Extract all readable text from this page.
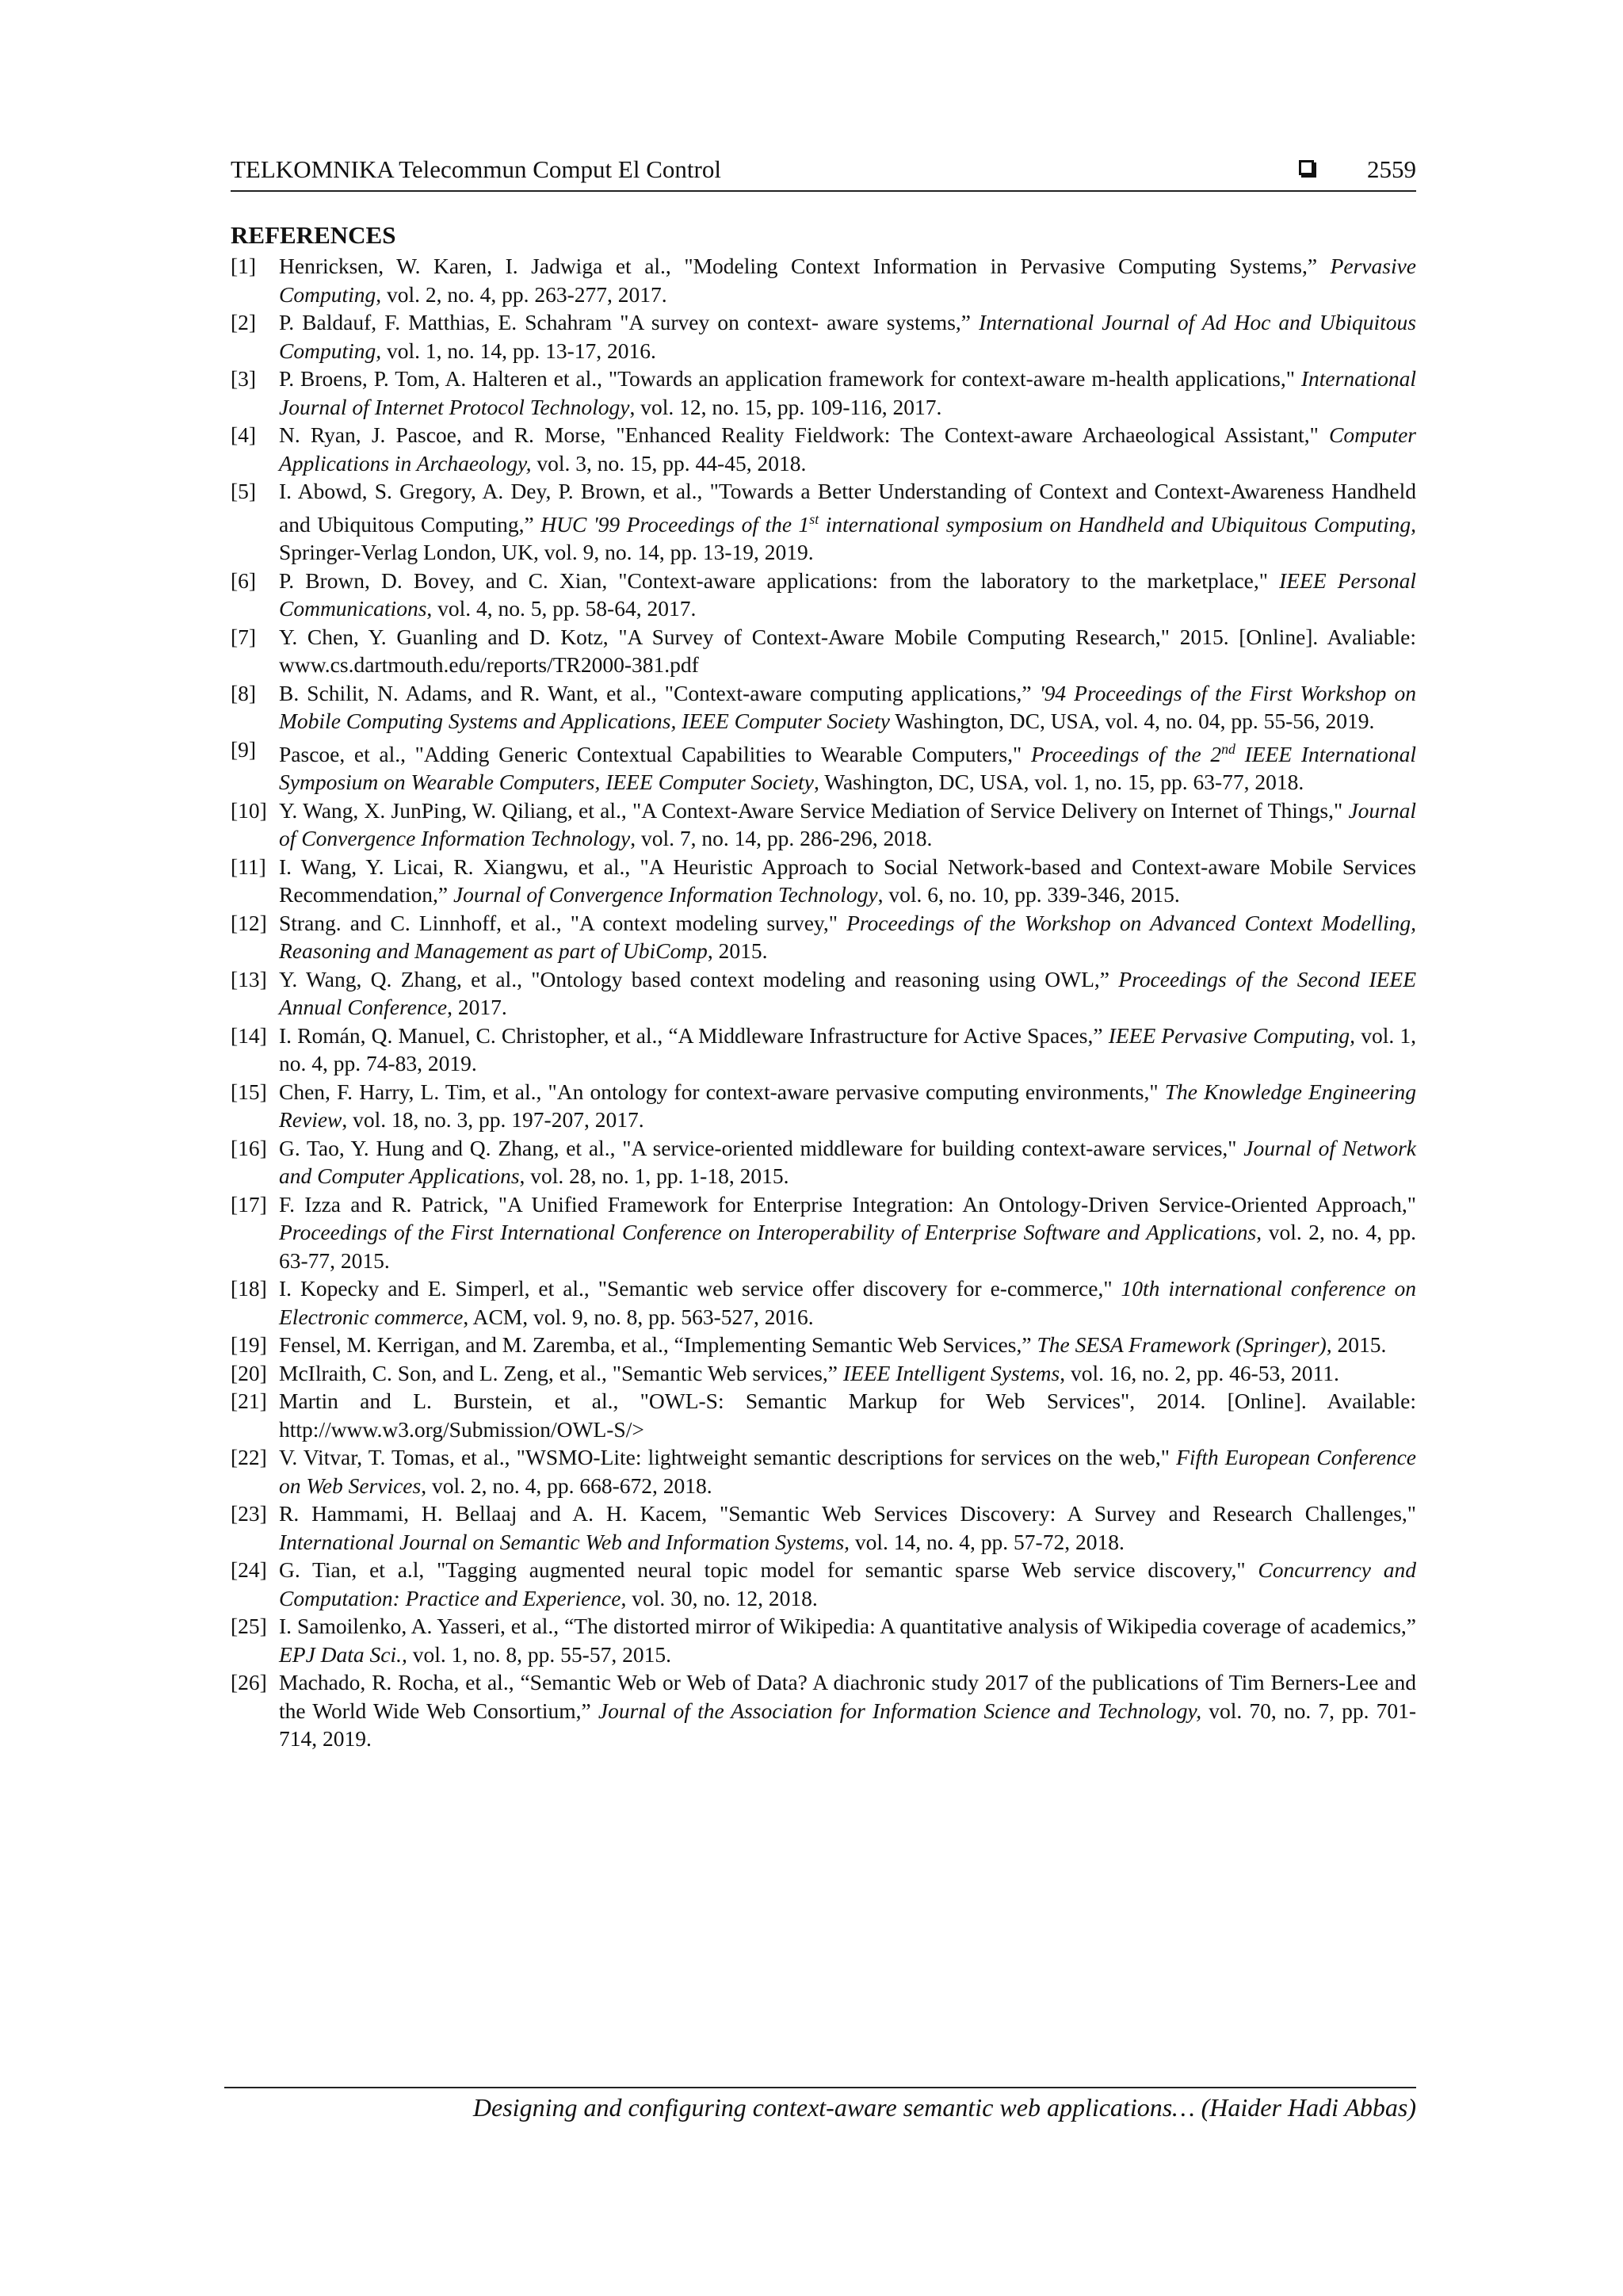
TELKOMNIKA Telecommun Comput El Control	2559
REFERENCES
[1] Henricksen, W. Karen, I. Jadwiga et al., "Modeling Context Information in Pervasive Computing Systems,” Pervasive Computing, vol. 2, no. 4, pp. 263-277, 2017.
[2] P. Baldauf, F. Matthias, E. Schahram "A survey on context- aware systems,” International Journal of Ad Hoc and Ubiquitous Computing, vol. 1, no. 14, pp. 13-17, 2016.
[3] P. Broens, P. Tom, A. Halteren et al., "Towards an application framework for context-aware m-health applications," International Journal of Internet Protocol Technology, vol. 12, no. 15, pp. 109-116, 2017.
[4] N. Ryan, J. Pascoe, and R. Morse, "Enhanced Reality Fieldwork: The Context-aware Archaeological Assistant," Computer Applications in Archaeology, vol. 3, no. 15, pp. 44-45, 2018.
[5] I. Abowd, S. Gregory, A. Dey, P. Brown, et al., "Towards a Better Understanding of Context and Context-Awareness Handheld and Ubiquitous Computing,” HUC '99 Proceedings of the 1st international symposium on Handheld and Ubiquitous Computing, Springer-Verlag London, UK, vol. 9, no. 14, pp. 13-19, 2019.
[6] P. Brown, D. Bovey, and C. Xian, "Context-aware applications: from the laboratory to the marketplace," IEEE Personal Communications, vol. 4, no. 5, pp. 58-64, 2017.
[7] Y. Chen, Y. Guanling and D. Kotz, "A Survey of Context-Aware Mobile Computing Research," 2015. [Online]. Avaliable: www.cs.dartmouth.edu/reports/TR2000-381.pdf
[8] B. Schilit, N. Adams, and R. Want, et al., "Context-aware computing applications,” '94 Proceedings of the First Workshop on Mobile Computing Systems and Applications, IEEE Computer Society Washington, DC, USA, vol. 4, no. 04, pp. 55-56, 2019.
[9] Pascoe, et al., "Adding Generic Contextual Capabilities to Wearable Computers," Proceedings of the 2nd IEEE International Symposium on Wearable Computers, IEEE Computer Society, Washington, DC, USA, vol. 1, no. 15, pp. 63-77, 2018.
[10] Y. Wang, X. JunPing, W. Qiliang, et al., "A Context-Aware Service Mediation of Service Delivery on Internet of Things," Journal of Convergence Information Technology, vol. 7, no. 14, pp. 286-296, 2018.
[11] I. Wang, Y. Licai, R. Xiangwu, et al., "A Heuristic Approach to Social Network-based and Context-aware Mobile Services Recommendation,” Journal of Convergence Information Technology, vol. 6, no. 10, pp. 339-346, 2015.
[12] Strang. and C. Linnhoff, et al., "A context modeling survey," Proceedings of the Workshop on Advanced Context Modelling, Reasoning and Management as part of UbiComp, 2015.
[13] Y. Wang, Q. Zhang, et al., "Ontology based context modeling and reasoning using OWL,” Proceedings of the Second IEEE Annual Conference, 2017.
[14] I. Román, Q. Manuel, C. Christopher, et al., “A Middleware Infrastructure for Active Spaces,” IEEE Pervasive Computing, vol. 1, no. 4, pp. 74-83, 2019.
[15] Chen, F. Harry, L. Tim, et al., "An ontology for context-aware pervasive computing environments," The Knowledge Engineering Review, vol. 18, no. 3, pp. 197-207, 2017.
[16] G. Tao, Y. Hung and Q. Zhang, et al., "A service-oriented middleware for building context-aware services," Journal of Network and Computer Applications, vol. 28, no. 1, pp. 1-18, 2015.
[17] F. Izza and R. Patrick, "A Unified Framework for Enterprise Integration: An Ontology-Driven Service-Oriented Approach," Proceedings of the First International Conference on Interoperability of Enterprise Software and Applications, vol. 2, no. 4, pp. 63-77, 2015.
[18] I. Kopecky and E. Simperl, et al., "Semantic web service offer discovery for e-commerce," 10th international conference on Electronic commerce, ACM, vol. 9, no. 8, pp. 563-527, 2016.
[19] Fensel, M. Kerrigan, and M. Zaremba, et al., “Implementing Semantic Web Services,” The SESA Framework (Springer), 2015.
[20] McIlraith, C. Son, and L. Zeng, et al., "Semantic Web services,” IEEE Intelligent Systems, vol. 16, no. 2, pp. 46-53, 2011.
[21] Martin and L. Burstein, et al., "OWL-S: Semantic Markup for Web Services", 2014. [Online]. Available: http://www.w3.org/Submission/OWL-S/>
[22] V. Vitvar, T. Tomas, et al., "WSMO-Lite: lightweight semantic descriptions for services on the web," Fifth European Conference on Web Services, vol. 2, no. 4, pp. 668-672, 2018.
[23] R. Hammami, H. Bellaaj and A. H. Kacem, "Semantic Web Services Discovery: A Survey and Research Challenges," International Journal on Semantic Web and Information Systems, vol. 14, no. 4, pp. 57-72, 2018.
[24] G. Tian, et a.l, "Tagging augmented neural topic model for semantic sparse Web service discovery," Concurrency and Computation: Practice and Experience, vol. 30, no. 12, 2018.
[25] I. Samoilenko, A. Yasseri, et al., “The distorted mirror of Wikipedia: A quantitative analysis of Wikipedia coverage of academics,” EPJ Data Sci., vol. 1, no. 8, pp. 55-57, 2015.
[26] Machado, R. Rocha, et al., “Semantic Web or Web of Data? A diachronic study 2017 of the publications of Tim Berners-Lee and the World Wide Web Consortium,” Journal of the Association for Information Science and Technology, vol. 70, no. 7, pp. 701-714, 2019.
Designing and configuring context-aware semantic web applications… (Haider Hadi Abbas)
